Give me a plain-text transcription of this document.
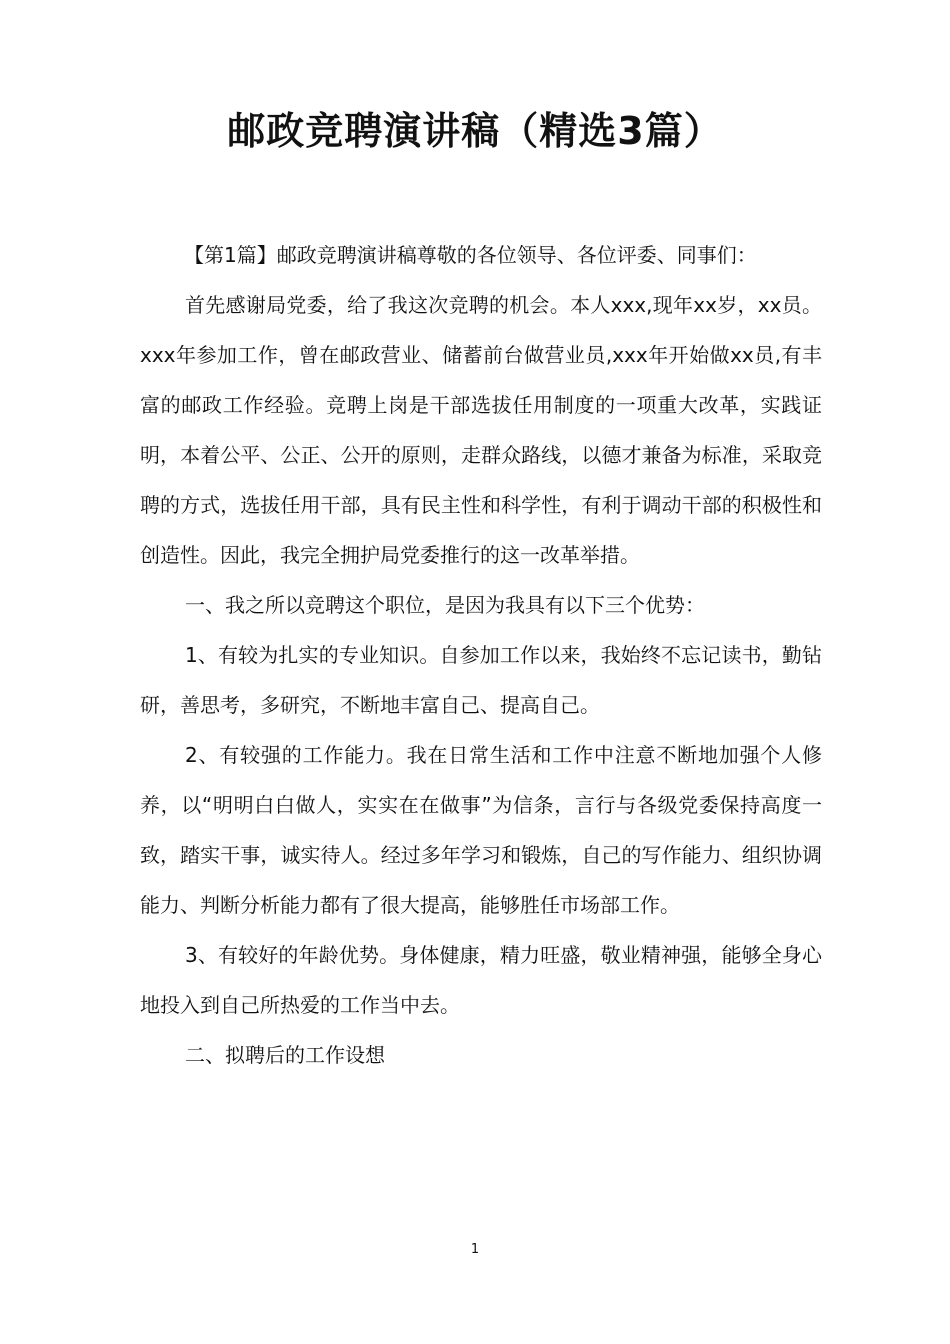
邮政竞聘演讲稿（精选3篇）

【第1篇】邮政竞聘演讲稿尊敬的各位领导、各位评委、同事们：

首先感谢局党委，给了我这次竞聘的机会。本人xxx,现年xx岁，xx员。xxx年参加工作，曾在邮政营业、储蓄前台做营业员,xxx年开始做xx员,有丰富的邮政工作经验。竞聘上岗是干部选拔任用制度的一项重大改革，实践证明，本着公平、公正、公开的原则，走群众路线，以德才兼备为标准，采取竞聘的方式，选拔任用干部，具有民主性和科学性，有利于调动干部的积极性和创造性。因此，我完全拥护局党委推行的这一改革举措。

一、我之所以竞聘这个职位，是因为我具有以下三个优势：

1、有较为扎实的专业知识。自参加工作以来，我始终不忘记读书，勤钻研，善思考，多研究，不断地丰富自己、提高自己。

2、有较强的工作能力。我在日常生活和工作中注意不断地加强个人修养，以“明明白白做人，实实在在做事”为信条，言行与各级党委保持高度一致，踏实干事，诚实待人。经过多年学习和锻炼，自己的写作能力、组织协调能力、判断分析能力都有了很大提高，能够胜任市场部工作。

3、有较好的年龄优势。身体健康，精力旺盛，敬业精神强，能够全身心地投入到自己所热爱的工作当中去。

二、拟聘后的工作设想

1
